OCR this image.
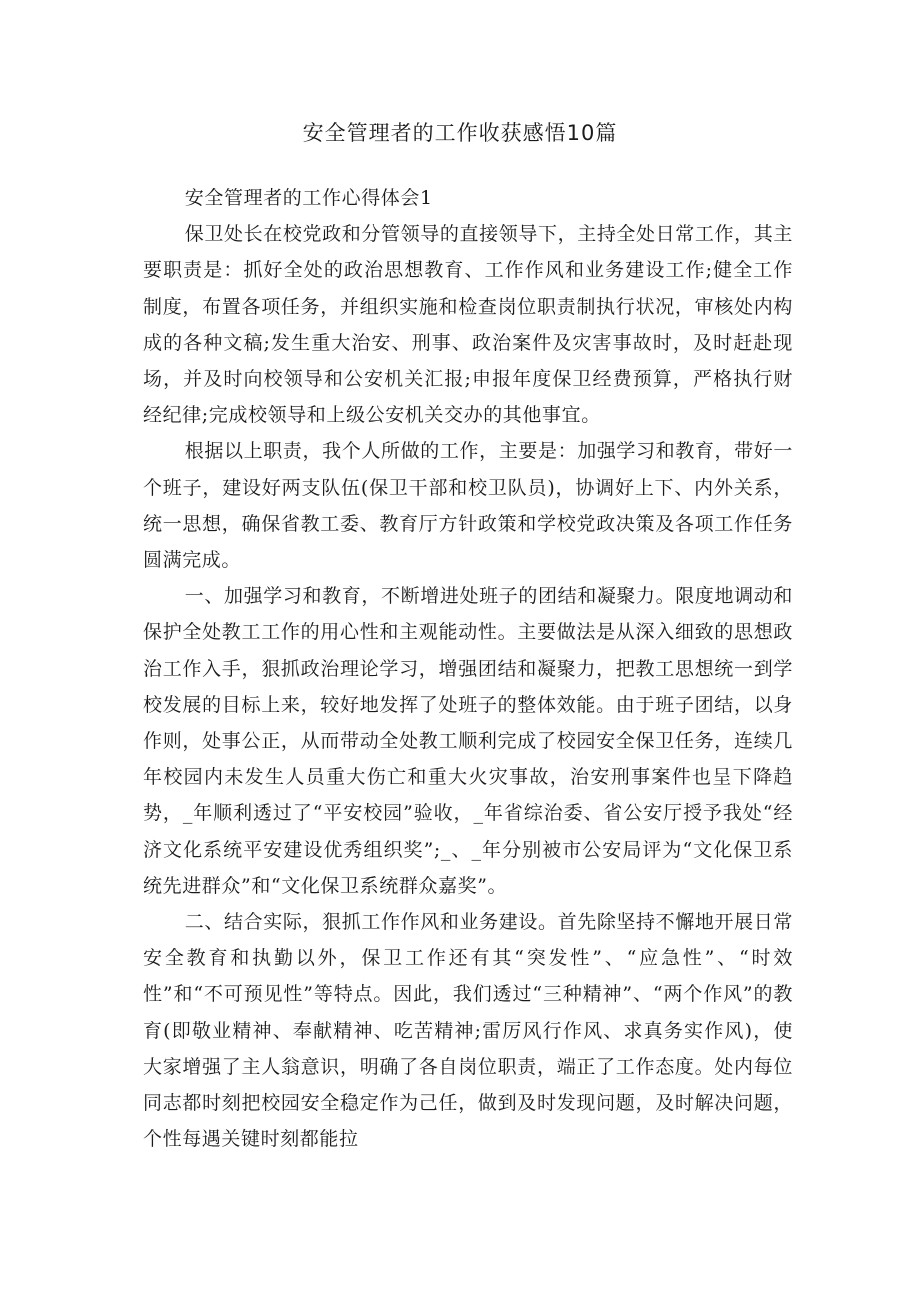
安全管理者的工作收获感悟10篇

安全管理者的工作心得体会1

保卫处长在校党政和分管领导的直接领导下，主持全处日常工作，其主要职责是：抓好全处的政治思想教育、工作作风和业务建设工作;健全工作制度，布置各项任务，并组织实施和检查岗位职责制执行状况，审核处内构成的各种文稿;发生重大治安、刑事、政治案件及灾害事故时，及时赶赴现场，并及时向校领导和公安机关汇报;申报年度保卫经费预算，严格执行财经纪律;完成校领导和上级公安机关交办的其他事宜。

根据以上职责，我个人所做的工作，主要是：加强学习和教育，带好一个班子，建设好两支队伍(保卫干部和校卫队员)，协调好上下、内外关系，统一思想，确保省教工委、教育厅方针政策和学校党政决策及各项工作任务圆满完成。

一、加强学习和教育，不断增进处班子的团结和凝聚力。限度地调动和保护全处教工工作的用心性和主观能动性。主要做法是从深入细致的思想政治工作入手，狠抓政治理论学习，增强团结和凝聚力，把教工思想统一到学校发展的目标上来，较好地发挥了处班子的整体效能。由于班子团结，以身作则，处事公正，从而带动全处教工顺利完成了校园安全保卫任务，连续几年校园内未发生人员重大伤亡和重大火灾事故，治安刑事案件也呈下降趋势，_年顺利透过了“平安校园”验收，_年省综治委、省公安厅授予我处“经济文化系统平安建设优秀组织奖”;_、_年分别被市公安局评为“文化保卫系统先进群众”和“文化保卫系统群众嘉奖”。

二、结合实际，狠抓工作作风和业务建设。首先除坚持不懈地开展日常安全教育和执勤以外，保卫工作还有其“突发性”、“应急性”、“时效性”和“不可预见性”等特点。因此，我们透过“三种精神”、“两个作风”的教育(即敬业精神、奉献精神、吃苦精神;雷厉风行作风、求真务实作风)，使大家增强了主人翁意识，明确了各自岗位职责，端正了工作态度。处内每位同志都时刻把校园安全稳定作为己任，做到及时发现问题，及时解决问题，个性每遇关键时刻都能拉
